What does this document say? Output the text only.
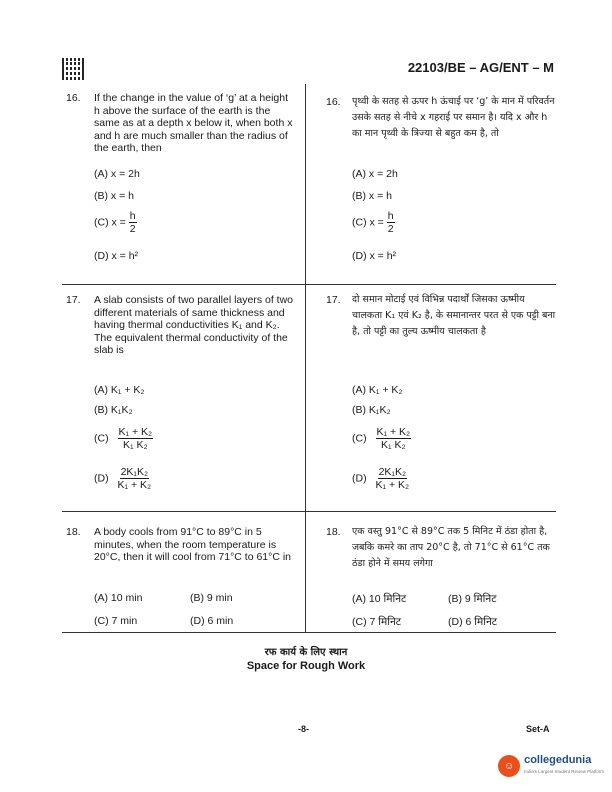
22103/BE – AG/ENT – M
16. If the change in the value of ‘g’ at a height h above the surface of the earth is the same as at a depth x below it, when both x and h are much smaller than the radius of the earth, then
(A) x = 2h
(B) x = h
(C) $x = \frac{h}{2}$
(D) x = h²
17. A slab consists of two parallel layers of two different materials of same thickness and having thermal conductivities K₁ and K₂. The equivalent thermal conductivity of the slab is
(A) K₁ + K₂
(B) K₁K₂
$(C) \frac{\text{K₁ + K₂}}{\text{K₁ K₂}}$
$(D) \frac{\text{2K₁K₂}}{\text{K₁ + K₂}}$
18. A body cools from 91°C to 89°C in 5 minutes, when the room temperature is 20°C, then it will cool from 71°C to 61°C in
(A) 10 min	(B) 9 min
(C) 7 min	(D) 6 min
16. पृथ्वी के सतह से ऊपर h ऊंचाई पर ‘g’ के मान में परिवर्तन उसके सतह से नीचे x गहराई पर समान है। यदि x और h का मान पृथ्वी के त्रिज्या से बहुत कम है, तो
(A) x = 2h
(B) x = h
(C) $x = \frac{h}{2}$
(D) x = h²
17. दो समान मोटाई एवं विभिन्न पदार्थों जिसका ऊष्मीय चालकता K₁ एवं K₂ है, के समानान्तर परत से एक पट्टी बना है, तो पट्टी का तुल्य ऊष्मीय चालकता है
(A) K₁ + K₂
(B) K₁K₂
$(C) \frac{\text{K₁ + K₂}}{\text{K₁ K₂}}$
$(D) \frac{\text{2K₁K₂}}{\text{K₁ + K₂}}$
18. एक वस्तु 91°C से 89°C तक 5 मिनिट में ठंडा होता है, जबकि कमरे का ताप 20°C है, तो 71°C से 61°C तक ठंडा होने में समय लगेगा
(A) 10 मिनिट	(B) 9 मिनिट
(C) 7 मिनिट	(D) 6 मिनिट
रफ कार्य के लिए स्थान
Space for Rough Work
-8-	Set-A
☺ collegedunia
India's Largest Student Review Platform
